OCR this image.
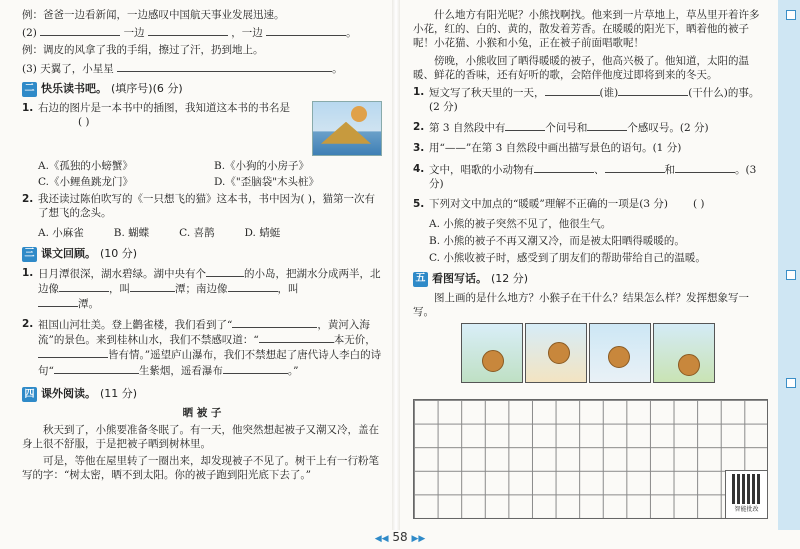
例：爸爸一边看新闻，一边感叹中国航天事业发展迅速。

(2)	一边	，一边	。

例：调皮的风拿了我的手绢，擦过了汗，扔到地上。

(3) 天翼了，小星星	。

二 快乐读书吧。 (填序号)(6 分)
1. 右边的图片是一本书中的插图，我知道这本书的书名是 ( )

A.《孤独的小螃蟹》	B.《小狗的小房子》
C.《小鲤鱼跳龙门》	D.《"歪脑袋"木头桩》
2. 我还读过陈伯吹写的《一只想飞的猫》这本书，书中因为( )，猫第一次有了想飞的念头。

A. 小麻雀	B. 蝴蝶	C. 喜鹊	D. 蜻蜓
三 课文回顾。 (10 分)
1. 日月潭很深，湖水碧绿。湖中央有个	的小岛，把湖水分成两半，北边像	，叫	潭；南边像	，叫
潭。

2. 祖国山河壮美。登上鹳雀楼，我们看到了“	，黄河入海流”的景色。来到桂林山水，我们不禁感叹道：“	本无价，皆有情。”遥望庐山瀑布，我们不禁想起了唐代诗人李白的诗句“	生紫烟，遥看瀑布	。”

四 课外阅读。 (11 分)
晒 被 子

秋天到了，小熊要准备冬眠了。有一天，他突然想起被子又潮又冷，盖在身上很不舒服，于是把被子晒到树林里。

可是，等他在屋里转了一圈出来，却发现被子不见了。树干上有一行粉笔写的字：“树太密，晒不到太阳。你的被子跑到阳光底下去了。”

什么地方有阳光呢？小熊找啊找。他来到一片草地上，草丛里开着许多小花，红的、白的、黄的，散发着芳香。在暖暖的阳光下，晒着他的被子呢！小花猫、小猴和小兔，正在被子前面唱歌呢！

傍晚，小熊收回了晒得暖暖的被子，他高兴极了。他知道，太阳的温暖、鲜花的香味，还有好听的歌，会陪伴他度过即将到来的冬天。

1. 短文写了秋天里的一天，	(谁)	(干什么)的事。(2 分)

2. 第 3 自然段中有	个问号和	个感叹号。(2 分)

3. 用“——”在第 3 自然段中画出描写景色的语句。(1 分)

4. 文中，唱歌的小动物有	、	和	。(3 分)

5. 下列对文中加点的“暖暖”理解不正确的一项是(3 分) ( )

A. 小熊的被子突然不见了，他很生气。

B. 小熊的被子不再又潮又冷，而是被太阳晒得暖暖的。

C. 小熊收被子时，感受到了朋友们的帮助带给自己的温暖。

五 看图写话。 (12 分)

图上画的是什么地方？小猴子在干什么？结果怎么样？发挥想象写一写。

智能批改
◀◀ 58 ▶▶
